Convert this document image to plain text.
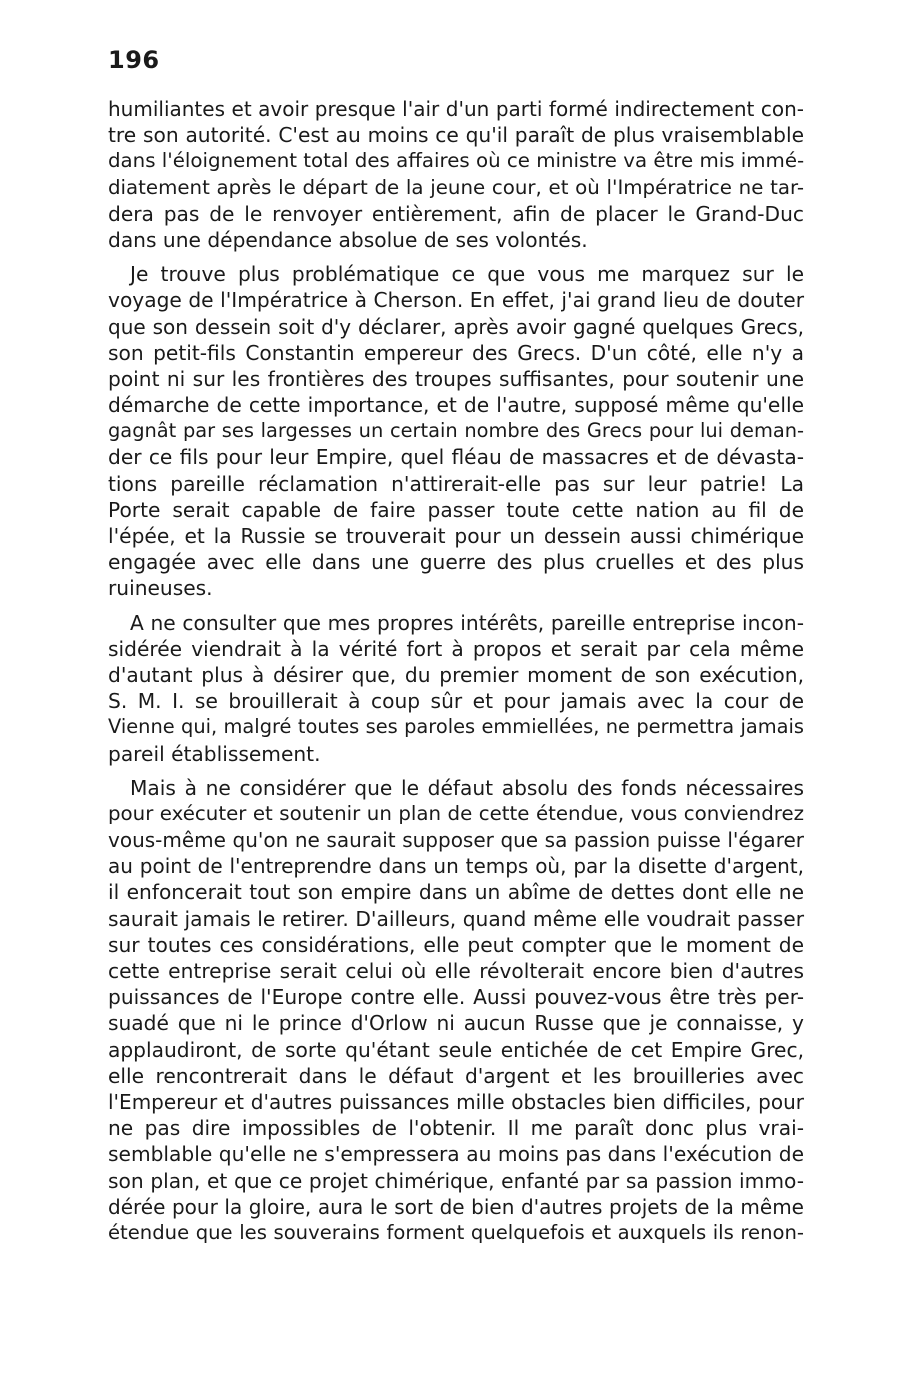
196
humiliantes et avoir presque l'air d'un parti formé indirectement con-
tre son autorité. C'est au moins ce qu'il paraît de plus vraisemblable
dans l'éloignement total des affaires où ce ministre va être mis immé-
diatement après le départ de la jeune cour, et où l'Impératrice ne tar-
dera pas de le renvoyer entièrement, afin de placer le Grand-Duc
dans une dépendance absolue de ses volontés.
Je trouve plus problématique ce que vous me marquez sur le
voyage de l'Impératrice à Cherson. En effet, j'ai grand lieu de douter
que son dessein soit d'y déclarer, après avoir gagné quelques Grecs,
son petit-fils Constantin empereur des Grecs. D'un côté, elle n'y a
point ni sur les frontières des troupes suffisantes, pour soutenir une
démarche de cette importance, et de l'autre, supposé même qu'elle
gagnât par ses largesses un certain nombre des Grecs pour lui deman-
der ce fils pour leur Empire, quel fléau de massacres et de dévasta-
tions pareille réclamation n'attirerait-elle pas sur leur patrie! La
Porte serait capable de faire passer toute cette nation au fil de
l'épée, et la Russie se trouverait pour un dessein aussi chimérique
engagée avec elle dans une guerre des plus cruelles et des plus
ruineuses.
A ne consulter que mes propres intérêts, pareille entreprise incon-
sidérée viendrait à la vérité fort à propos et serait par cela même
d'autant plus à désirer que, du premier moment de son exécution,
S. M. I. se brouillerait à coup sûr et pour jamais avec la cour de
Vienne qui, malgré toutes ses paroles emmiellées, ne permettra jamais
pareil établissement.
Mais à ne considérer que le défaut absolu des fonds nécessaires
pour exécuter et soutenir un plan de cette étendue, vous conviendrez
vous-même qu'on ne saurait supposer que sa passion puisse l'égarer
au point de l'entreprendre dans un temps où, par la disette d'argent,
il enfoncerait tout son empire dans un abîme de dettes dont elle ne
saurait jamais le retirer. D'ailleurs, quand même elle voudrait passer
sur toutes ces considérations, elle peut compter que le moment de
cette entreprise serait celui où elle révolterait encore bien d'autres
puissances de l'Europe contre elle. Aussi pouvez-vous être très per-
suadé que ni le prince d'Orlow ni aucun Russe que je connaisse, y
applaudiront, de sorte qu'étant seule entichée de cet Empire Grec,
elle rencontrerait dans le défaut d'argent et les brouilleries avec
l'Empereur et d'autres puissances mille obstacles bien difficiles, pour
ne pas dire impossibles de l'obtenir. Il me paraît donc plus vrai-
semblable qu'elle ne s'empressera au moins pas dans l'exécution de
son plan, et que ce projet chimérique, enfanté par sa passion immo-
dérée pour la gloire, aura le sort de bien d'autres projets de la même
étendue que les souverains forment quelquefois et auxquels ils renon-
